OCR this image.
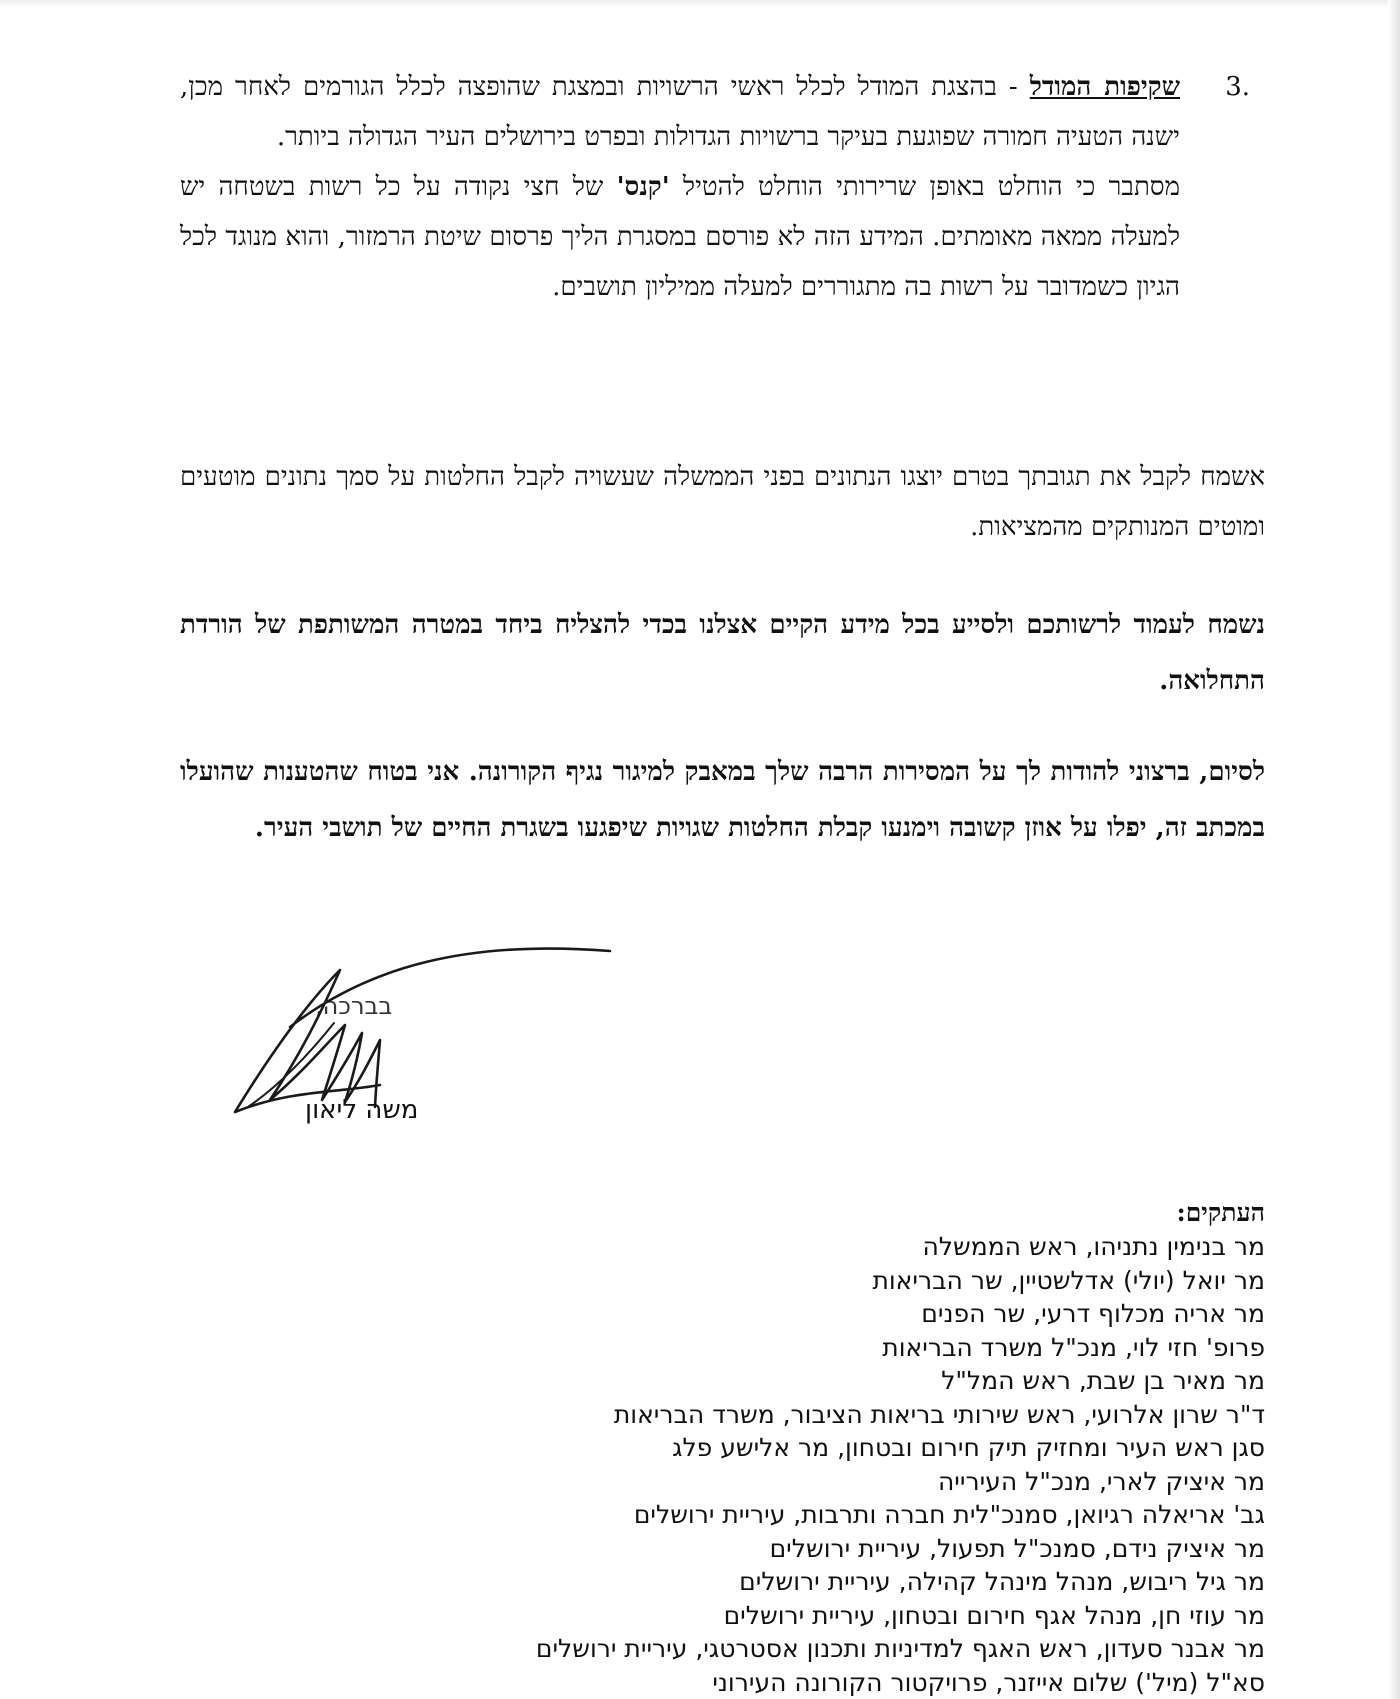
.3

שקיפות המודל - בהצגת המודל לכלל ראשי הרשויות ובמצגת שהופצה לכלל הגורמים לאחר מכן, ישנה הטעיה חמורה שפוגעת בעיקר ברשויות הגדולות ובפרט בירושלים העיר הגדולה ביותר.

מסתבר כי הוחלט באופן שרירותי הוחלט להטיל 'קנס' של חצי נקודה על כל רשות בשטחה יש למעלה ממאה מאומתים. המידע הזה לא פורסם במסגרת הליך פרסום שיטת הרמזור, והוא מנוגד לכל הגיון כשמדובר על רשות בה מתגוררים למעלה ממיליון תושבים.

אשמח לקבל את תגובתך בטרם יוצגו הנתונים בפני הממשלה שעשויה לקבל החלטות על סמך נתונים מוטעים ומוטים המנותקים מהמציאות.

נשמח לעמוד לרשותכם ולסייע בכל מידע הקיים אצלנו בכדי להצליח ביחד במטרה המשותפת של הורדת התחלואה.

לסיום, ברצוני להודות לך על המסירות הרבה שלך במאבק למיגור נגיף הקורונה. אני בטוח שהטענות שהועלו במכתב זה, יפלו על אוזן קשובה וימנעו קבלת החלטות שגויות שיפגעו בשגרת החיים של תושבי העיר.

בברכה,
משה ליאון
העתקים:
מר בנימין נתניהו, ראש הממשלה
מר יואל (יולי) אדלשטיין, שר הבריאות
מר אריה מכלוף דרעי, שר הפנים
פרופ' חזי לוי, מנכ"ל משרד הבריאות
מר מאיר בן שבת, ראש המל"ל
ד"ר שרון אלרועי, ראש שירותי בריאות הציבור, משרד הבריאות
סגן ראש העיר ומחזיק תיק חירום ובטחון, מר אלישע פלג
מר איציק לארי, מנכ"ל העירייה
גב' אריאלה רגיואן, סמנכ"לית חברה ותרבות, עיריית ירושלים
מר איציק נידם, סמנכ"ל תפעול, עיריית ירושלים
מר גיל ריבוש, מנהל מינהל קהילה, עיריית ירושלים
מר עוזי חן, מנהל אגף חירום ובטחון, עיריית ירושלים
מר אבנר סעדון, ראש האגף למדיניות ותכנון אסטרטגי, עיריית ירושלים
סא"ל (מיל') שלום אייזנר, פרויקטור הקורונה העירוני
